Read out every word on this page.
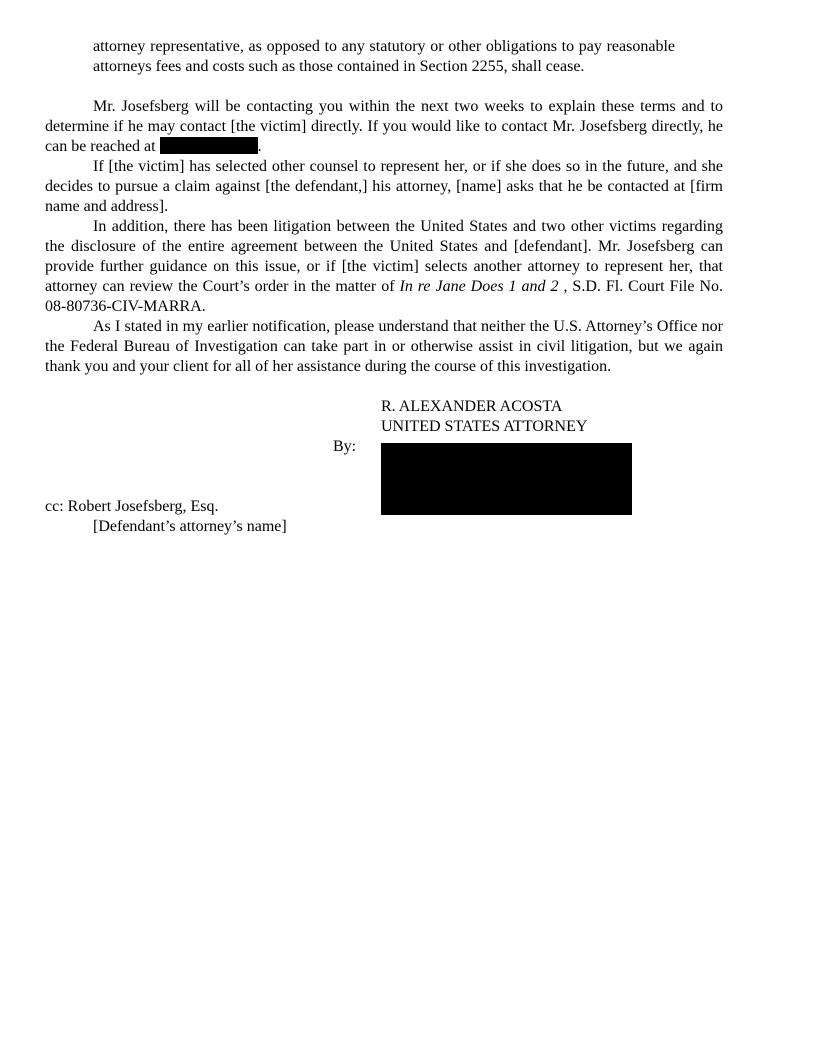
attorney representative, as opposed to any statutory or other obligations to pay reasonable attorneys fees and costs such as those contained in Section 2255, shall cease.

Mr. Josefsberg will be contacting you within the next two weeks to explain these terms and to determine if he may contact [the victim] directly. If you would like to contact Mr. Josefsberg directly, he can be reached at	.

If [the victim] has selected other counsel to represent her, or if she does so in the future, and she decides to pursue a claim against [the defendant,] his attorney, [name] asks that he be contacted at [firm name and address].

In addition, there has been litigation between the United States and two other victims regarding the disclosure of the entire agreement between the United States and [defendant]. Mr. Josefsberg can provide further guidance on this issue, or if [the victim] selects another attorney to represent her, that attorney can review the Court’s order in the matter of In re Jane Does 1 and 2 , S.D. Fl. Court File No. 08-80736-CIV-MARRA.

As I stated in my earlier notification, please understand that neither the U.S. Attorney’s Office nor the Federal Bureau of Investigation can take part in or otherwise assist in civil litigation, but we again thank you and your client for all of her assistance during the course of this investigation.

R. ALEXANDER ACOSTA
UNITED STATES ATTORNEY
By:
cc: Robert Josefsberg, Esq.
[Defendant’s attorney’s name]
